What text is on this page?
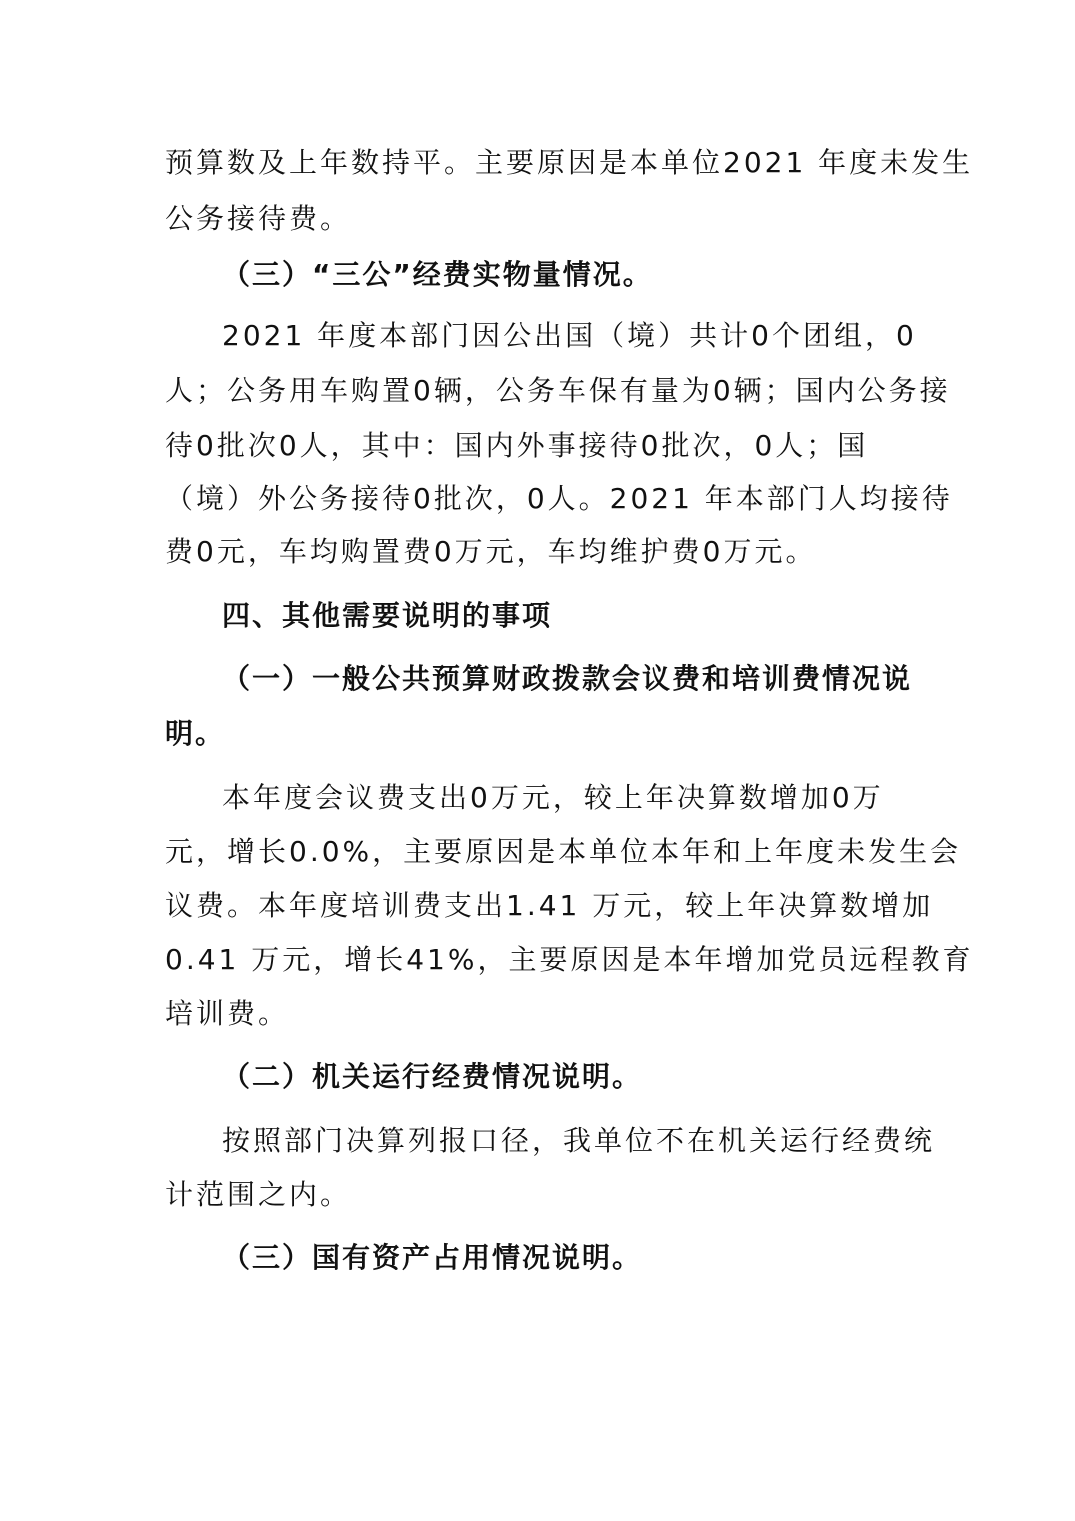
预算数及上年数持平。主要原因是本单位2021 年度未发生
公务接待费。
（三）“三公”经费实物量情况。
2021 年度本部门因公出国（境）共计0个团组，0
人；公务用车购置0辆，公务车保有量为0辆；国内公务接
待0批次0人，其中：国内外事接待0批次，0人；国
（境）外公务接待0批次，0人。2021 年本部门人均接待
费0元，车均购置费0万元，车均维护费0万元。
四、其他需要说明的事项
（一）一般公共预算财政拨款会议费和培训费情况说
明。
本年度会议费支出0万元，较上年决算数增加0万
元，增长0.0%，主要原因是本单位本年和上年度未发生会
议费。本年度培训费支出1.41 万元，较上年决算数增加
0.41 万元，增长41%，主要原因是本年增加党员远程教育
培训费。
（二）机关运行经费情况说明。
按照部门决算列报口径，我单位不在机关运行经费统
计范围之内。
（三）国有资产占用情况说明。
